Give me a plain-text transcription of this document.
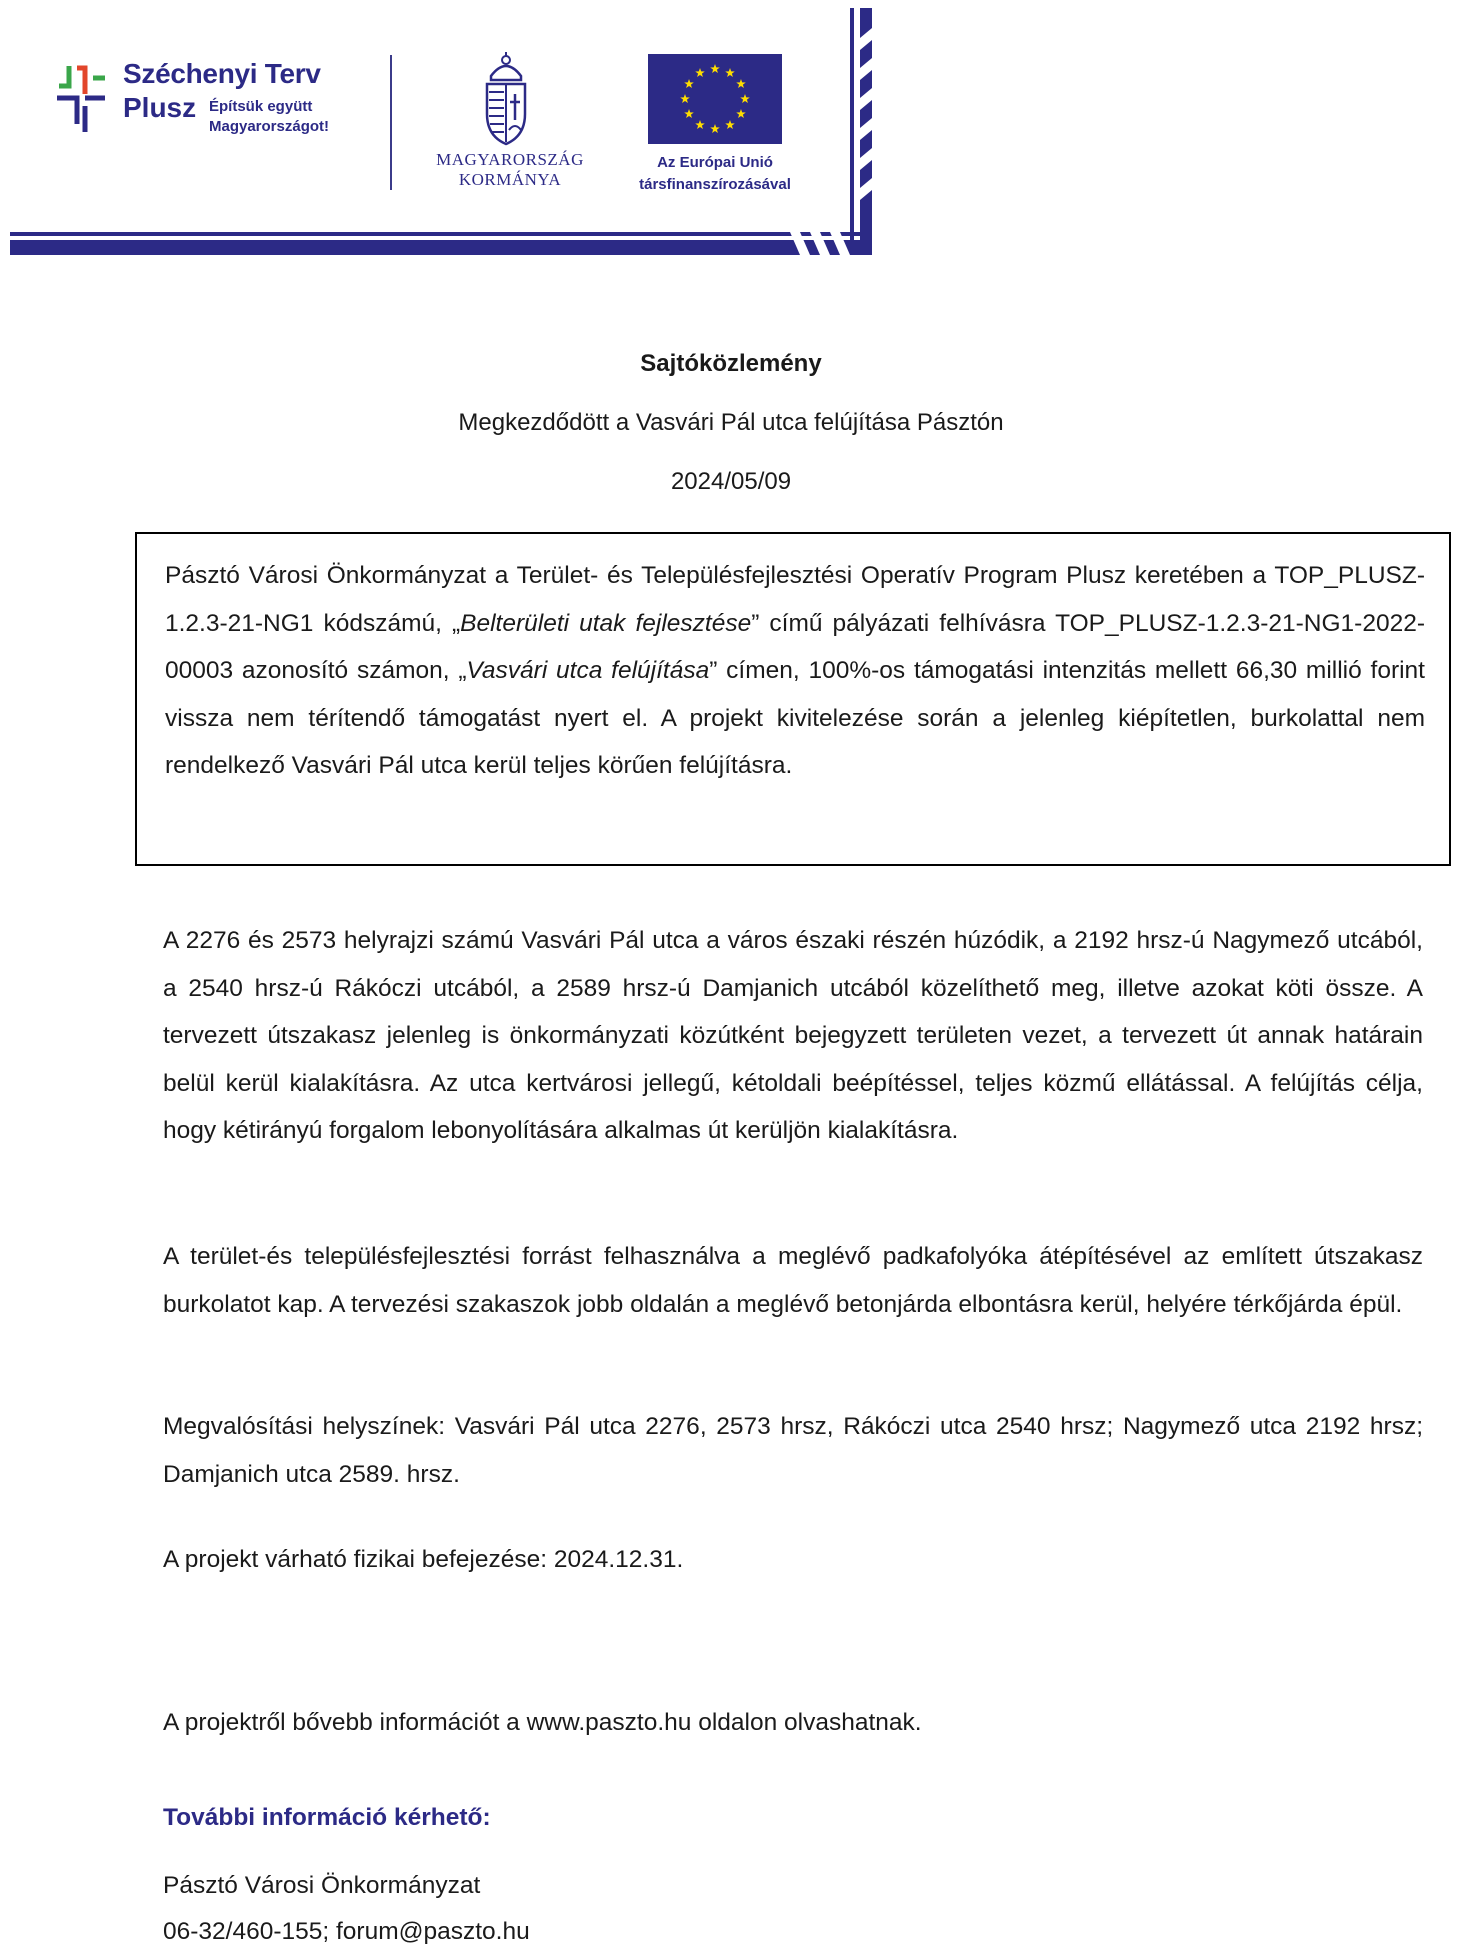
Széchenyi Terv
Plusz Építsük együtt
Magyarországot!
MAGYARORSZÁG
KORMÁNYA
Az Európai Unió
társfinanszírozásával
Sajtóközlemény
Megkezdődött a Vasvári Pál utca felújítása Pásztón
2024/05/09

Pásztó Városi Önkormányzat a Terület- és Településfejlesztési Operatív Program Plusz keretében a TOP_PLUSZ-1.2.3-21-NG1 kódszámú, „Belterületi utak fejlesztése” című pályázati felhívásra TOP_PLUSZ-1.2.3-21-NG1-2022-00003 azonosító számon, „Vasvári utca felújítása” címen, 100%-os támogatási intenzitás mellett 66,30 millió forint vissza nem térítendő támogatást nyert el. A projekt kivitelezése során a jelenleg kiépítetlen, burkolattal nem rendelkező Vasvári Pál utca kerül teljes körűen felújításra.

A 2276 és 2573 helyrajzi számú Vasvári Pál utca a város északi részén húzódik, a 2192 hrsz-ú Nagymező utcából, a 2540 hrsz-ú Rákóczi utcából, a 2589 hrsz-ú Damjanich utcából közelíthető meg, illetve azokat köti össze. A tervezett útszakasz jelenleg is önkormányzati közútként bejegyzett területen vezet, a tervezett út annak határain belül kerül kialakításra. Az utca kertvárosi jellegű, kétoldali beépítéssel, teljes közmű ellátással. A felújítás célja, hogy kétirányú forgalom lebonyolítására alkalmas út kerüljön kialakításra.

A terület-és településfejlesztési forrást felhasználva a meglévő padkafolyóka átépítésével az említett útszakasz burkolatot kap. A tervezési szakaszok jobb oldalán a meglévő betonjárda elbontásra kerül, helyére térkőjárda épül.

Megvalósítási helyszínek: Vasvári Pál utca 2276, 2573 hrsz, Rákóczi utca 2540 hrsz; Nagymező utca 2192 hrsz; Damjanich utca 2589. hrsz.

A projekt várható fizikai befejezése: 2024.12.31.

A projektről bővebb információt a www.paszto.hu oldalon olvashatnak.

További információ kérhető:

Pásztó Városi Önkormányzat

06-32/460-155; forum@paszto.hu
